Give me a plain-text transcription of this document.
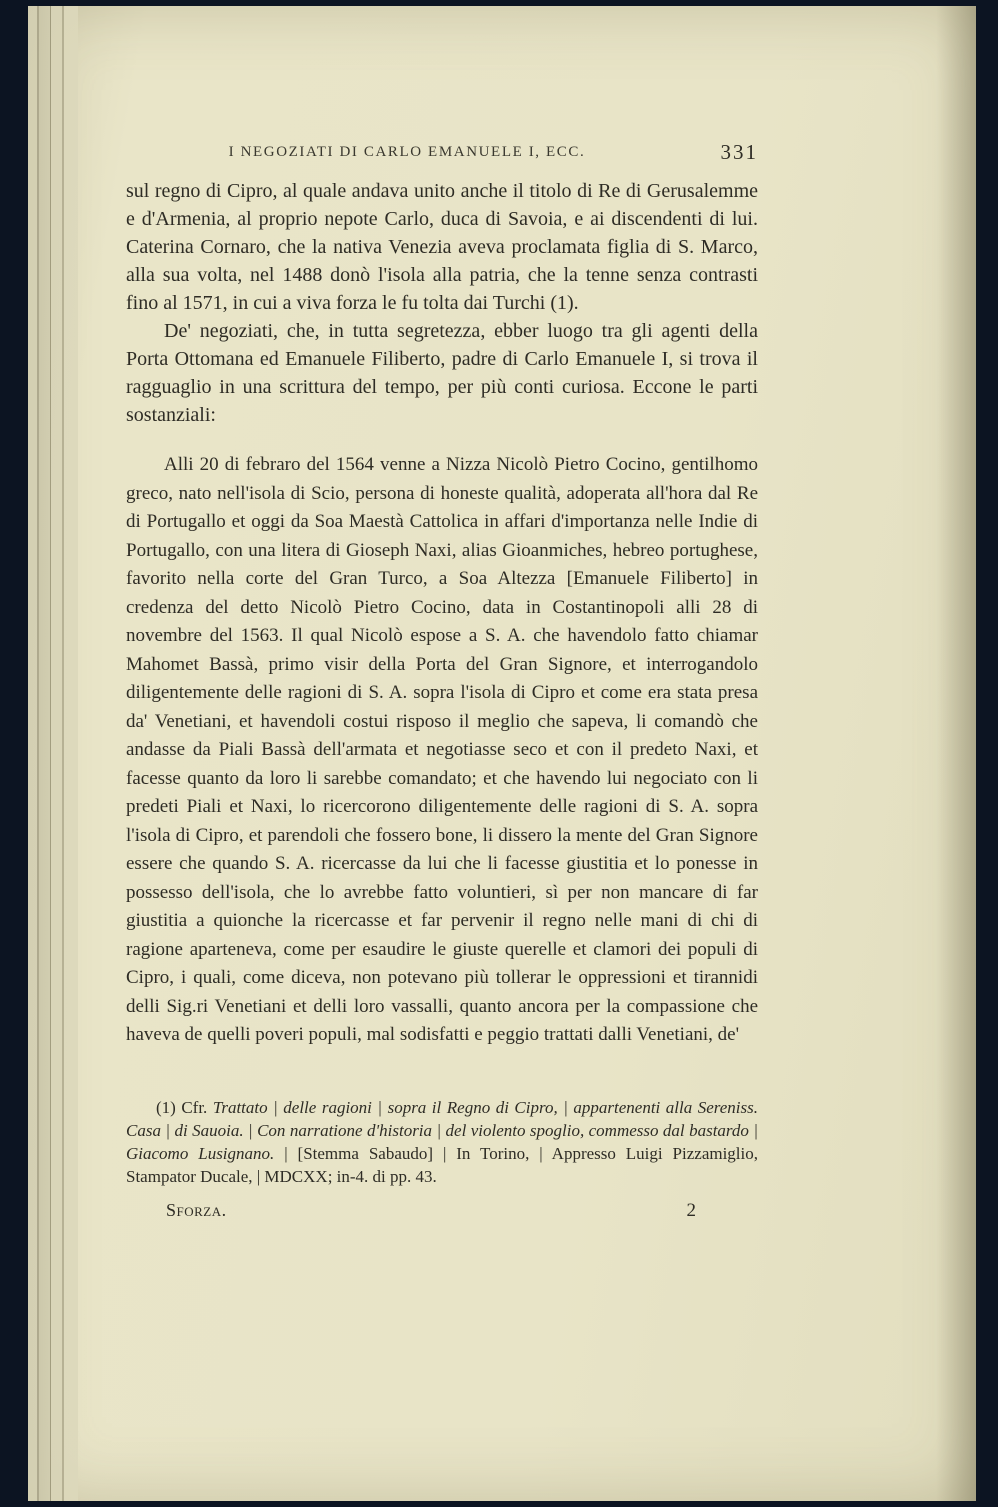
I NEGOZIATI DI CARLO EMANUELE I, ECC.	331

sul regno di Cipro, al quale andava unito anche il titolo di Re di Gerusalemme e d'Armenia, al proprio nepote Carlo, duca di Savoia, e ai discendenti di lui. Caterina Cornaro, che la nativa Venezia aveva proclamata figlia di S. Marco, alla sua volta, nel 1488 donò l'isola alla patria, che la tenne senza contrasti fino al 1571, in cui a viva forza le fu tolta dai Turchi (1).

De' negoziati, che, in tutta segretezza, ebber luogo tra gli agenti della Porta Ottomana ed Emanuele Filiberto, padre di Carlo Emanuele I, si trova il ragguaglio in una scrittura del tempo, per più conti curiosa. Eccone le parti sostanziali:

Alli 20 di febraro del 1564 venne a Nizza Nicolò Pietro Cocino, gentilhomo greco, nato nell'isola di Scio, persona di honeste qualità, adoperata all'hora dal Re di Portugallo et oggi da Soa Maestà Cattolica in affari d'importanza nelle Indie di Portugallo, con una litera di Gioseph Naxi, alias Gioanmiches, hebreo portughese, favorito nella corte del Gran Turco, a Soa Altezza [Emanuele Filiberto] in credenza del detto Nicolò Pietro Cocino, data in Costantinopoli alli 28 di novembre del 1563. Il qual Nicolò espose a S. A. che havendolo fatto chiamar Mahomet Bassà, primo visir della Porta del Gran Signore, et interrogandolo diligentemente delle ragioni di S. A. sopra l'isola di Cipro et come era stata presa da' Venetiani, et havendoli costui risposo il meglio che sapeva, li comandò che andasse da Piali Bassà dell'armata et negotiasse seco et con il predeto Naxi, et facesse quanto da loro li sarebbe comandato; et che havendo lui negociato con li predeti Piali et Naxi, lo ricercorono diligentemente delle ragioni di S. A. sopra l'isola di Cipro, et parendoli che fossero bone, li dissero la mente del Gran Signore essere che quando S. A. ricercasse da lui che li facesse giustitia et lo ponesse in possesso dell'isola, che lo avrebbe fatto voluntieri, sì per non mancare di far giustitia a quionche la ricercasse et far pervenir il regno nelle mani di chi di ragione aparteneva, come per esaudire le giuste querelle et clamori dei populi di Cipro, i quali, come diceva, non potevano più tollerar le oppressioni et tirannidi delli Sig.ri Venetiani et delli loro vassalli, quanto ancora per la compassione che haveva de quelli poveri populi, mal sodisfatti e peggio trattati dalli Venetiani, de'

(1) Cfr. Trattato | delle ragioni | sopra il Regno di Cipro, | appartenenti alla Sereniss. Casa | di Sauoia. | Con narratione d'historia | del violento spoglio, commesso dal bastardo | Giacomo Lusignano. | [Stemma Sabaudo] | In Torino, | Appresso Luigi Pizzamiglio, Stampator Ducale, | MDCXX; in-4. di pp. 43.
Sforza.	2
